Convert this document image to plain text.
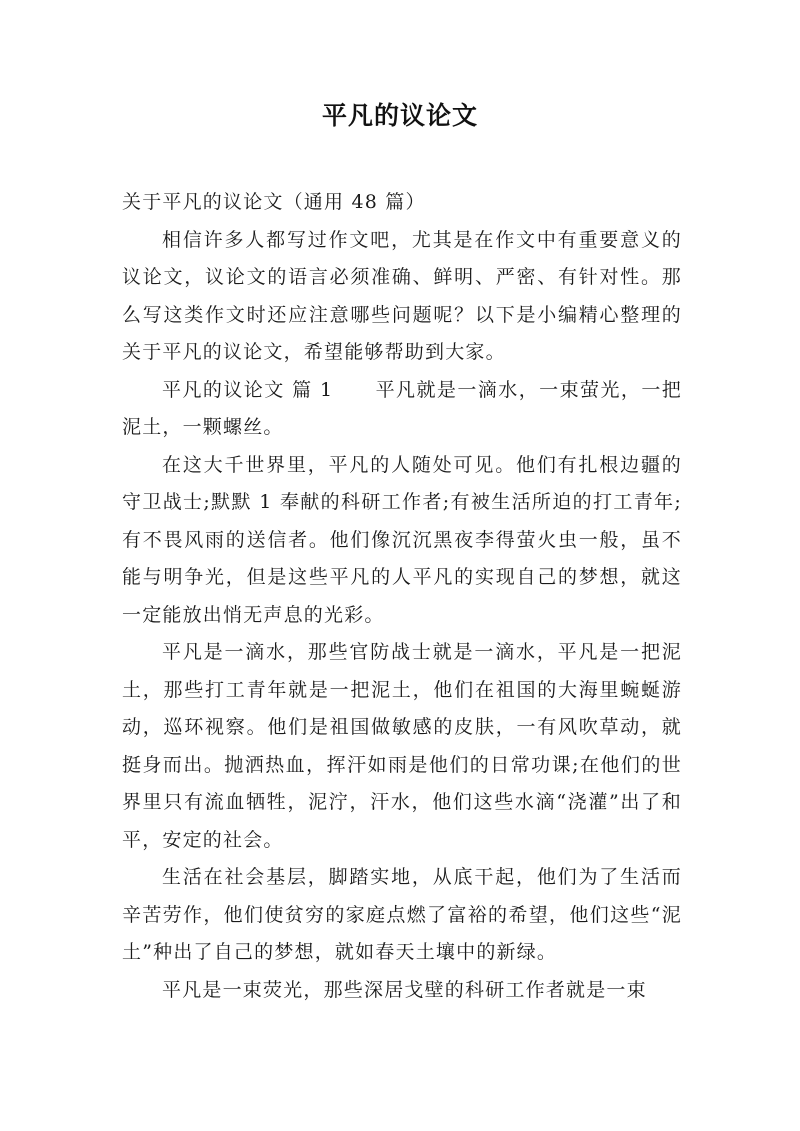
平凡的议论文

关于平凡的议论文（通用 48 篇）

相信许多人都写过作文吧，尤其是在作文中有重要意义的议论文，议论文的语言必须准确、鲜明、严密、有针对性。那么写这类作文时还应注意哪些问题呢？以下是小编精心整理的关于平凡的议论文，希望能够帮助到大家。

平凡的议论文 篇 1 平凡就是一滴水，一束萤光，一把泥土，一颗螺丝。

在这大千世界里，平凡的人随处可见。他们有扎根边疆的守卫战士;默默 1 奉献的科研工作者;有被生活所迫的打工青年;有不畏风雨的送信者。他们像沉沉黑夜李得萤火虫一般，虽不能与明争光，但是这些平凡的人平凡的实现自己的梦想，就这一定能放出悄无声息的光彩。

平凡是一滴水，那些官防战士就是一滴水，平凡是一把泥土，那些打工青年就是一把泥土，他们在祖国的大海里蜿蜒游动，巡环视察。他们是祖国做敏感的皮肤，一有风吹草动，就挺身而出。抛洒热血，挥汗如雨是他们的日常功课;在他们的世界里只有流血牺牲，泥泞，汗水，他们这些水滴“浇灌”出了和平，安定的社会。

生活在社会基层，脚踏实地，从底干起，他们为了生活而辛苦劳作，他们使贫穷的家庭点燃了富裕的希望，他们这些“泥土”种出了自己的梦想，就如春天土壤中的新绿。

平凡是一束荧光，那些深居戈壁的科研工作者就是一束
